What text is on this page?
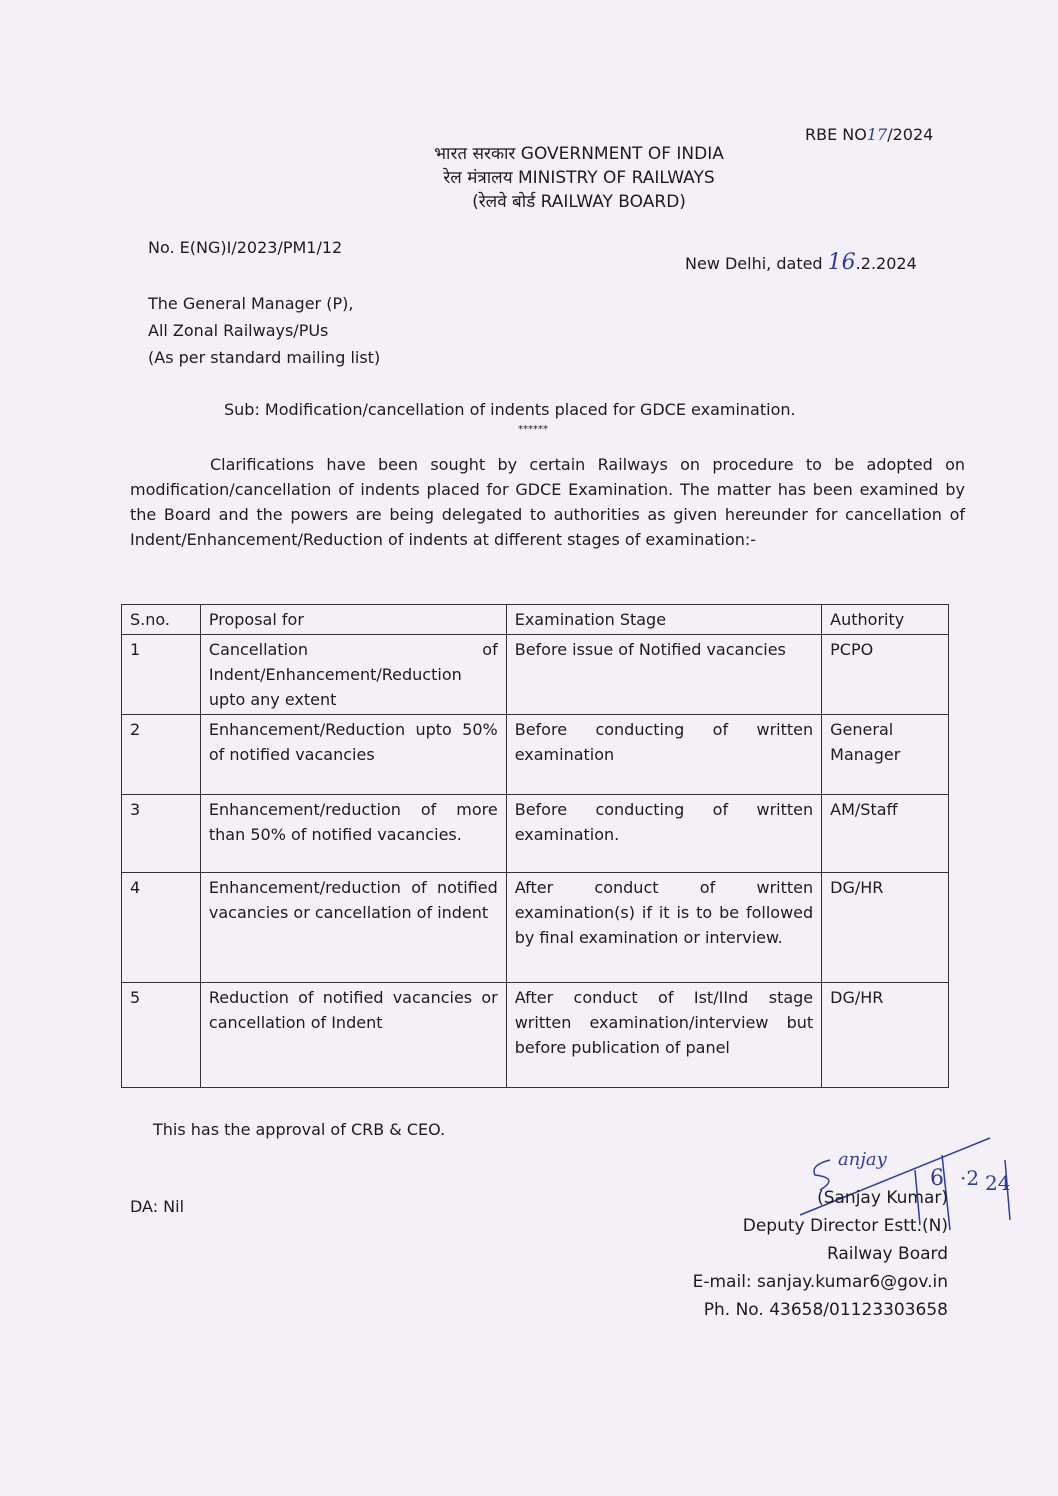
RBE NO17/2024
भारत सरकार GOVERNMENT OF INDIA
रेल मंत्रालय MINISTRY OF RAILWAYS
(रेलवे बोर्ड RAILWAY BOARD)
No. E(NG)I/2023/PM1/12
New Delhi, dated 16.2.2024
The General Manager (P),
All Zonal Railways/PUs
(As per standard mailing list)
Sub: Modification/cancellation of indents placed for GDCE examination.
******

Clarifications have been sought by certain Railways on procedure to be adopted on modification/cancellation of indents placed for GDCE Examination. The matter has been examined by the Board and the powers are being delegated to authorities as given hereunder for cancellation of Indent/Enhancement/Reduction of indents at different stages of examination:-

S.no.	Proposal for	Examination Stage	Authority
1	Cancellation of Indent/Enhancement/Reduction upto any extent	Before issue of Notified vacancies	PCPO
2	Enhancement/Reduction upto 50% of notified vacancies	Before conducting of written examination	General Manager
3	Enhancement/reduction of more than 50% of notified vacancies.	Before conducting of written examination.	AM/Staff
4	Enhancement/reduction of notified vacancies or cancellation of indent	After conduct of written examination(s) if it is to be followed by final examination or interview.	DG/HR
5	Reduction of notified vacancies or cancellation of Indent	After conduct of Ist/IInd stage written examination/interview but before publication of panel	DG/HR
This has the approval of CRB & CEO.
DA: Nil
anjay
6 ·2 24
(Sanjay Kumar)
Deputy Director Estt.(N)
Railway Board
E-mail: sanjay.kumar6@gov.in
Ph. No. 43658/01123303658
